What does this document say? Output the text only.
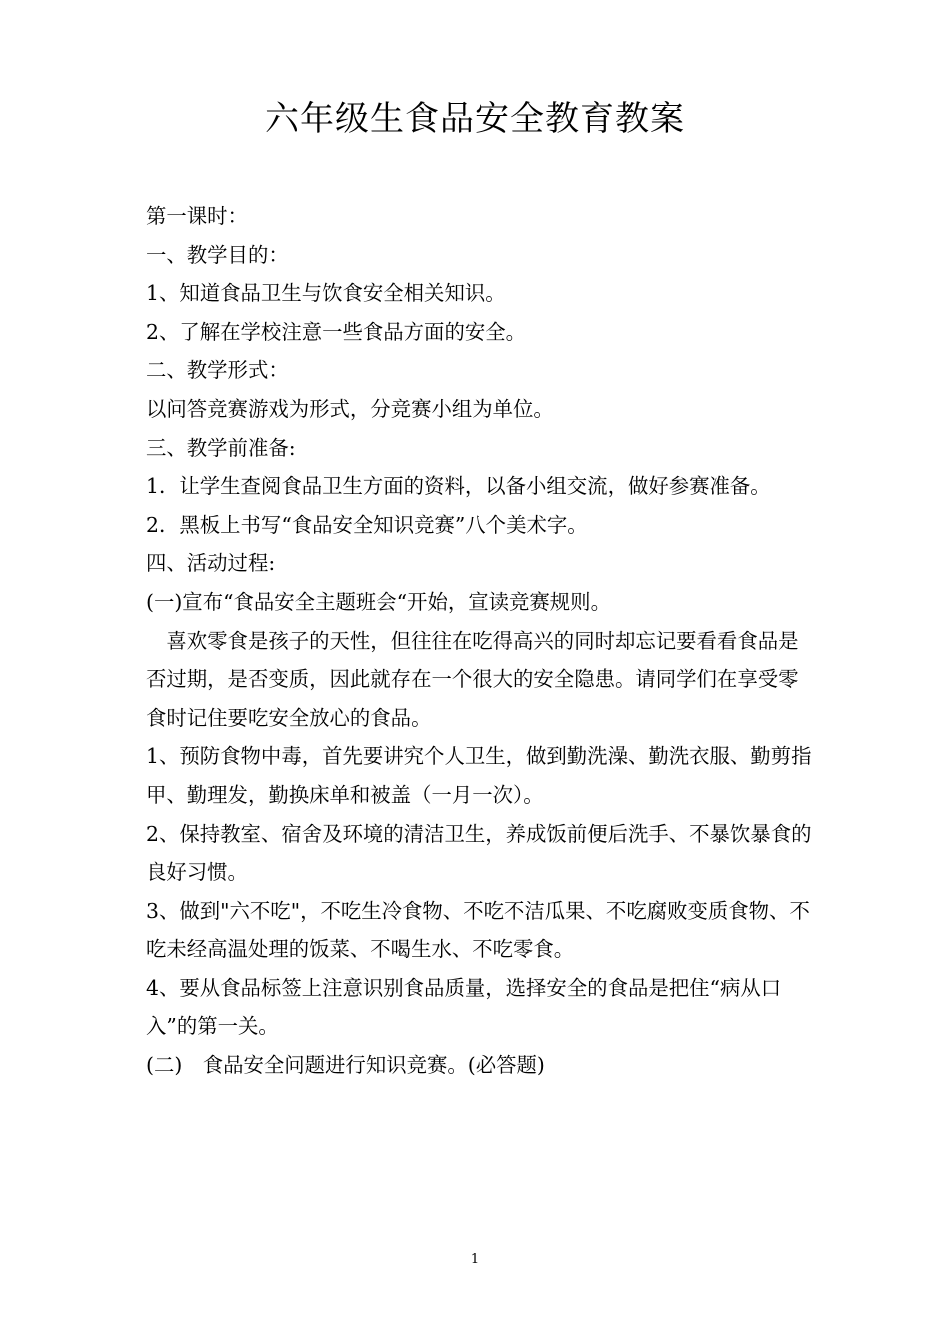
六年级生食品安全教育教案

第一课时：

一、教学目的：

1、知道食品卫生与饮食安全相关知识。

2、了解在学校注意一些食品方面的安全。

二、教学形式：

以问答竞赛游戏为形式，分竞赛小组为单位。

三、教学前准备:

1．让学生查阅食品卫生方面的资料，以备小组交流，做好参赛准备。

2．黑板上书写“食品安全知识竞赛”八个美术字。

四、活动过程:

(一)宣布“食品安全主题班会“开始，宣读竞赛规则。

喜欢零食是孩子的天性，但往往在吃得高兴的同时却忘记要看看食品是否过期，是否变质，因此就存在一个很大的安全隐患。请同学们在享受零食时记住要吃安全放心的食品。

1、预防食物中毒，首先要讲究个人卫生，做到勤洗澡、勤洗衣服、勤剪指甲、勤理发，勤换床单和被盖（一月一次）。

2、保持教室、宿舍及环境的清洁卫生，养成饭前便后洗手、不暴饮暴食的良好习惯。

3、做到"六不吃"，不吃生冷食物、不吃不洁瓜果、不吃腐败变质食物、不吃未经高温处理的饭菜、不喝生水、不吃零食。

4、要从食品标签上注意识别食品质量，选择安全的食品是把住“病从口入”的第一关。

(二)　食品安全问题进行知识竞赛。(必答题)

1
